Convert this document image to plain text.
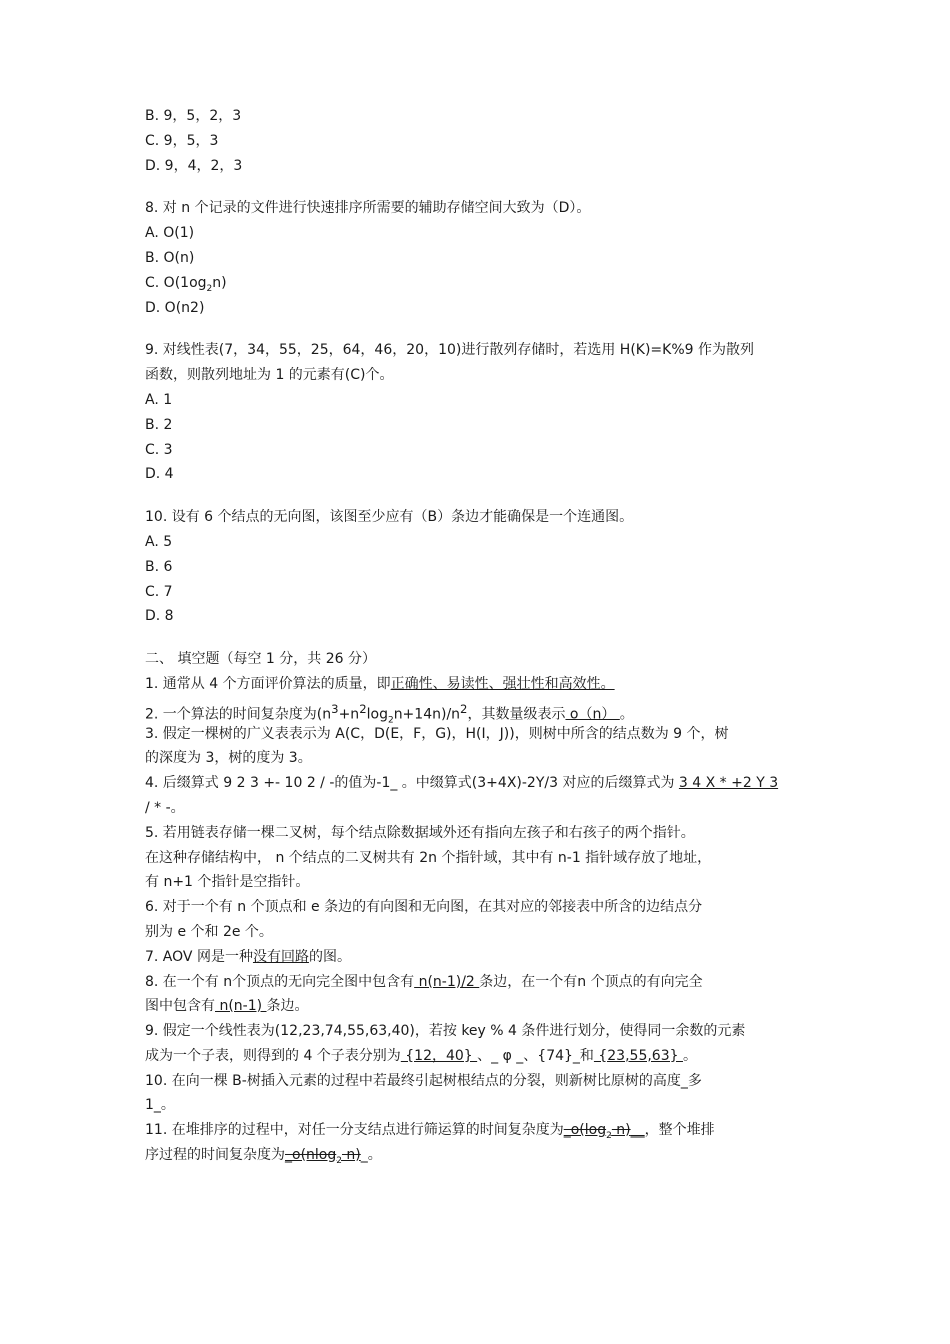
B. 9，5，2，3
C. 9，5，3
D. 9，4，2，3
8. 对 n 个记录的文件进行快速排序所需要的辅助存储空间大致为（D）。
A. O(1)
B. O(n)
C. $O(1og_2n)$
D. O(n2)
9. 对线性表(7，34，55，25，64，46，20，10)进行散列存储时，若选用 H(K)=K%9 作为散列
函数，则散列地址为 1 的元素有(C)个。
A. 1
B. 2
C. 3
D. 4
10. 设有 6 个结点的无向图，该图至少应有（B）条边才能确保是一个连通图。
A. 5
B. 6
C. 7
D. 8
二、 填空题（每空 1 分，共 26 分）
1. 通常从 4 个方面评价算法的质量，即正确性、易读性、强壮性和高效性。
2. 一个算法的时间复杂度为$(n^3+n^2\log_2n+14n)/n^2$，其数量级表示 o（n） 。
3. 假定一棵树的广义表表示为 A(C，D(E，F，G)，H(I，J))，则树中所含的结点数为 9 个，树
的深度为 3，树的度为 3。
4. 后缀算式 9 2 3 +- 10 2 / -的值为-1_ 。中缀算式(3+4X)-2Y/3 对应的后缀算式为 3 4 X * +2 Y 3
/ * -。
5. 若用链表存储一棵二叉树，每个结点除数据域外还有指向左孩子和右孩子的两个指针。
在这种存储结构中， n 个结点的二叉树共有 2n 个指针域，其中有 n-1 指针域存放了地址，
有 n+1 个指针是空指针。
6. 对于一个有 n 个顶点和 e 条边的有向图和无向图，在其对应的邻接表中所含的边结点分
别为 e 个和 2e 个。
7. AOV 网是一种没有回路的图。
8. 在一个有 n个顶点的无向完全图中包含有 n(n-1)/2 条边，在一个有n 个顶点的有向完全
图中包含有 n(n-1) 条边。
9. 假定一个线性表为(12,23,74,55,63,40)，若按 key % 4 条件进行划分，使得同一余数的元素
成为一个子表，则得到的 4 个子表分别为 {12，40} 、_ φ _、{74}_和 {23,55,63} 。
10. 在向一棵 B-树插入元素的过程中若最终引起树根结点的分裂，则新树比原树的高度_多
1_。
11. 在堆排序的过程中，对任一分支结点进行筛运算的时间复杂度为$\_o(\log_2$ n)__，整个堆排
序过程的时间复杂度为_o(nlog$_2$ n)_。
